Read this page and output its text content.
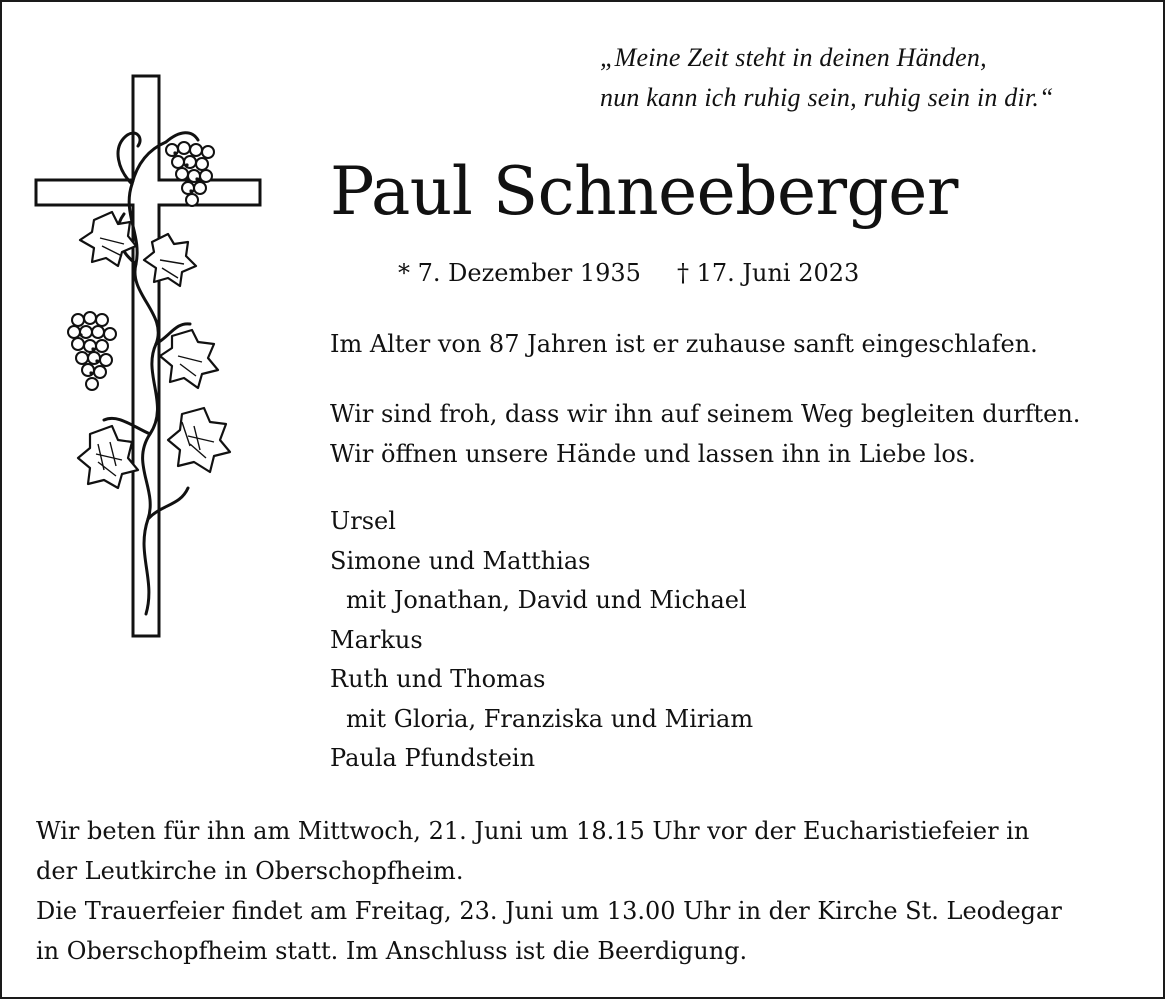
„Meine Zeit steht in deinen Händen,
nun kann ich ruhig sein, ruhig sein in dir.“
Paul Schneeberger
* 7. Dezember 1935 † 17. Juni 2023
Im Alter von 87 Jahren ist er zuhause sanft eingeschlafen.
Wir sind froh, dass wir ihn auf seinem Weg begleiten durften.
Wir öffnen unsere Hände und lassen ihn in Liebe los.
Ursel
Simone und Matthias
mit Jonathan, David und Michael
Markus
Ruth und Thomas
mit Gloria, Franziska und Miriam
Paula Pfundstein
Wir beten für ihn am Mittwoch, 21. Juni um 18.15 Uhr vor der Eucharistiefeier in
der Leutkirche in Oberschopfheim.
Die Trauerfeier findet am Freitag, 23. Juni um 13.00 Uhr in der Kirche St. Leodegar
in Oberschopfheim statt. Im Anschluss ist die Beerdigung.
